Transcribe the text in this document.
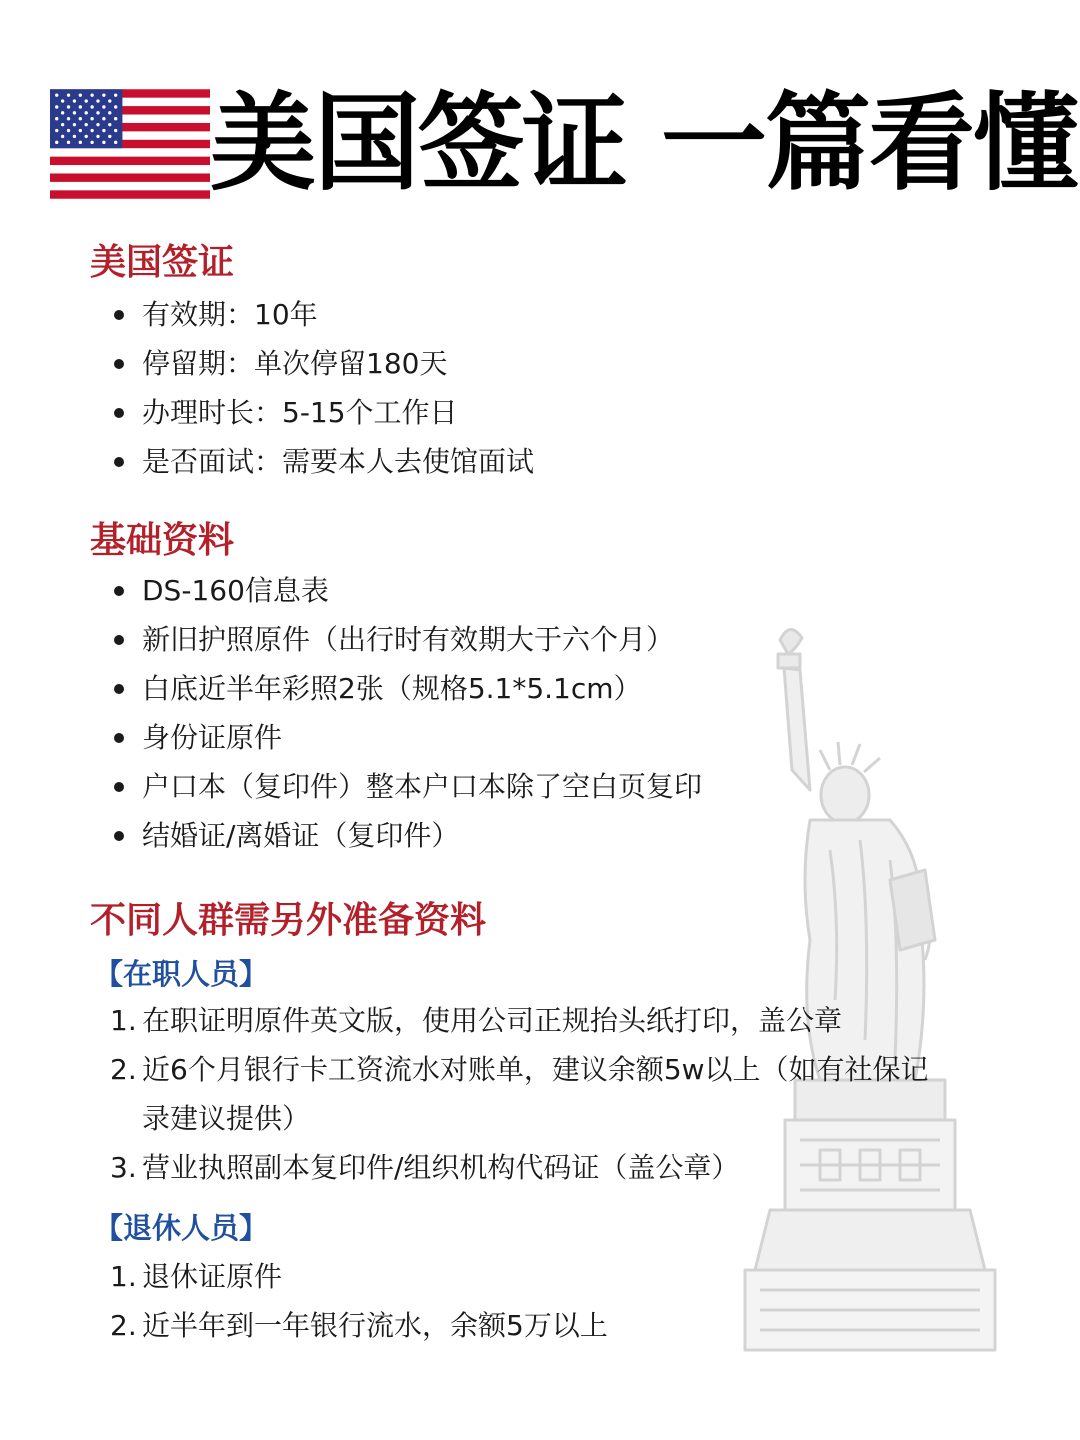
美国签证 一篇看懂
美国签证
有效期：10年
停留期：单次停留180天
办理时长：5-15个工作日
是否面试：需要本人去使馆面试
基础资料
DS-160信息表
新旧护照原件（出行时有效期大于六个月）
白底近半年彩照2张（规格5.1*5.1cm）
身份证原件
户口本（复印件）整本户口本除了空白页复印
结婚证/离婚证（复印件）
不同人群需另外准备资料
【在职人员】
1. 在职证明原件英文版，使用公司正规抬头纸打印，盖公章
2. 近6个月银行卡工资流水对账单，建议余额5w以上（如有社保记录建议提供）
3. 营业执照副本复印件/组织机构代码证（盖公章）
【退休人员】
1. 退休证原件
2. 近半年到一年银行流水，余额5万以上
